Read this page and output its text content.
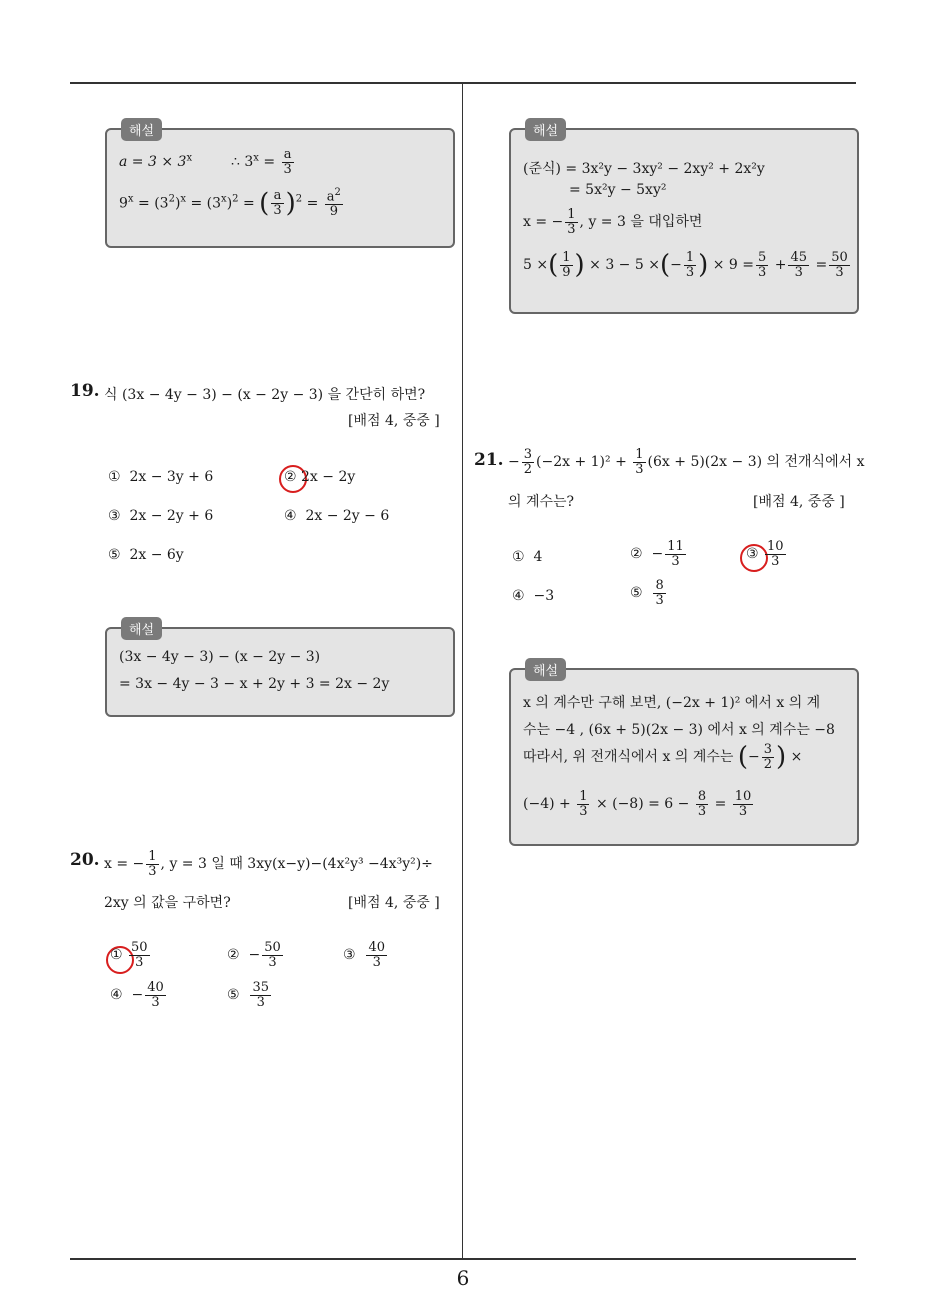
6
해설
$a = 3 \times 3^x$	∴ $3^x = \frac{a}{3}$
$9^x = (3^2)^x = (3^x)^2$ = ( $\frac{a}{3} )^2 = \frac{a^2}{9}$
19. 식 (3x − 4y − 3) − (x − 2y − 3) 을 간단히 하면?
[배점 4, 중중 ]
① 2x − 3y + 6	② 2x − 2y
③ 2x − 2y + 6	④ 2x − 2y − 6
⑤ 2x − 6y
해설
(3x − 4y − 3) − (x − 2y − 3)
= 3x − 4y − 3 − x + 2y + 3 = 2x − 2y
20. x = − $\frac{1}{3}$ , y = 3 일 때 3xy(x−y)−(4x²y³ −4x³y²)÷
2xy 의 값을 구하면?	[배점 4, 중중 ]
① $\frac{50}{3}$	② − $\frac{50}{3}$	③ $\frac{40}{3}$
④ − $\frac{40}{3}$	⑤ $\frac{35}{3}$
해설
(준식) = 3x²y − 3xy² − 2xy² + 2x²y
= 5x²y − 5xy²
x = − $\frac{1}{3}$ , y = 3 을 대입하면
5 ×( $\frac{1}{9}$ ) × 3 − 5 ×(− $\frac{1}{3}$ ) × $9 = \frac{5}{3} + \frac{45}{3} = \frac{50}{3}$
21. − $\frac{3}{2} (-2x + 1)^2 + \frac{1}{3} (6x + 5)(2x - 3)$ 의 전개식에서 x
의 계수는?	[배점 4, 중중 ]
① 4	② − $\frac{11}{3}$	③ $\frac{10}{3}$
④ −3	⑤ $\frac{8}{3}$
해설
x 의 계수만 구해 보면, (−2x + 1)² 에서 x 의 계
수는 −4 , (6x + 5)(2x − 3) 에서 x 의 계수는 −8
따라서, 위 전개식에서 x 의 계수는 (− $\frac{3}{2}$ ) ×
$(-4) + \frac{1}{3} \times (-8) = 6 - \frac{8}{3} = \frac{10}{3}$
